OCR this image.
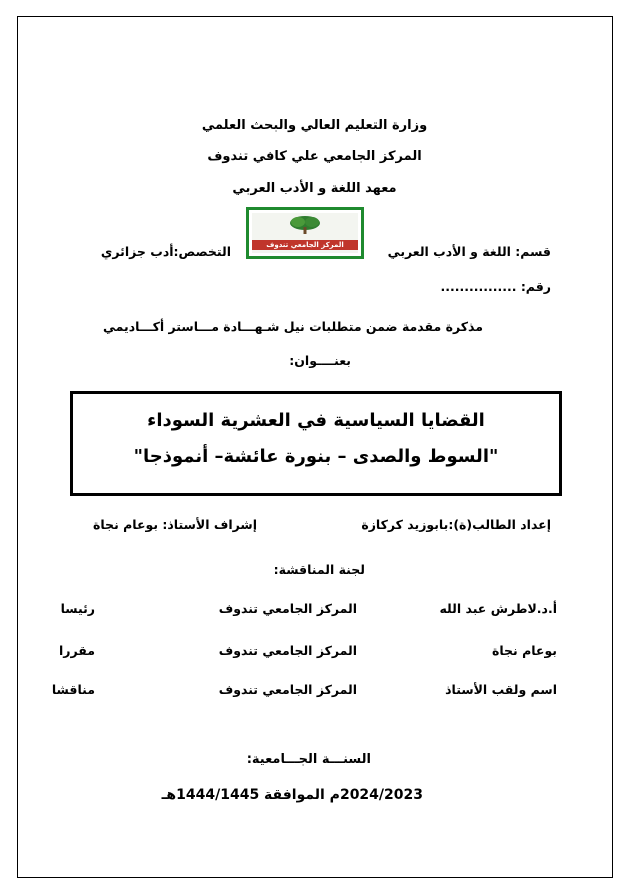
وزارة التعليم العالي والبحث العلمي
المركز الجامعي علي كافي تندوف
معهد اللغة و الأدب العربي
المركز الجامعي تندوف	قسم: اللغة و الأدب العربي
التخصص:أدب جزائري
رقم: ................
مذكرة مقدمة ضمن متطلبات نيل شـهـــادة مـــاستر أكـــاديمي
بعنــــوان:
القضايا السياسية في العشرية السوداء
"السوط والصدى – بنورة عائشة– أنموذجا"
إعداد الطالب(ة):بابوزيد كركازة
إشراف الأستاذ: بوعام نجاة
لجنة المناقشة:
أ.د.لاطرش عبد الله
المركز الجامعي تندوف
رئيسا
بوعام نجاة
المركز الجامعي تندوف
مقررا
اسم ولقب الأستاذ
المركز الجامعي تندوف
مناقشا
السنـــة الجـــامعية:
2024/2023م الموافقة 1444/1445هـ
